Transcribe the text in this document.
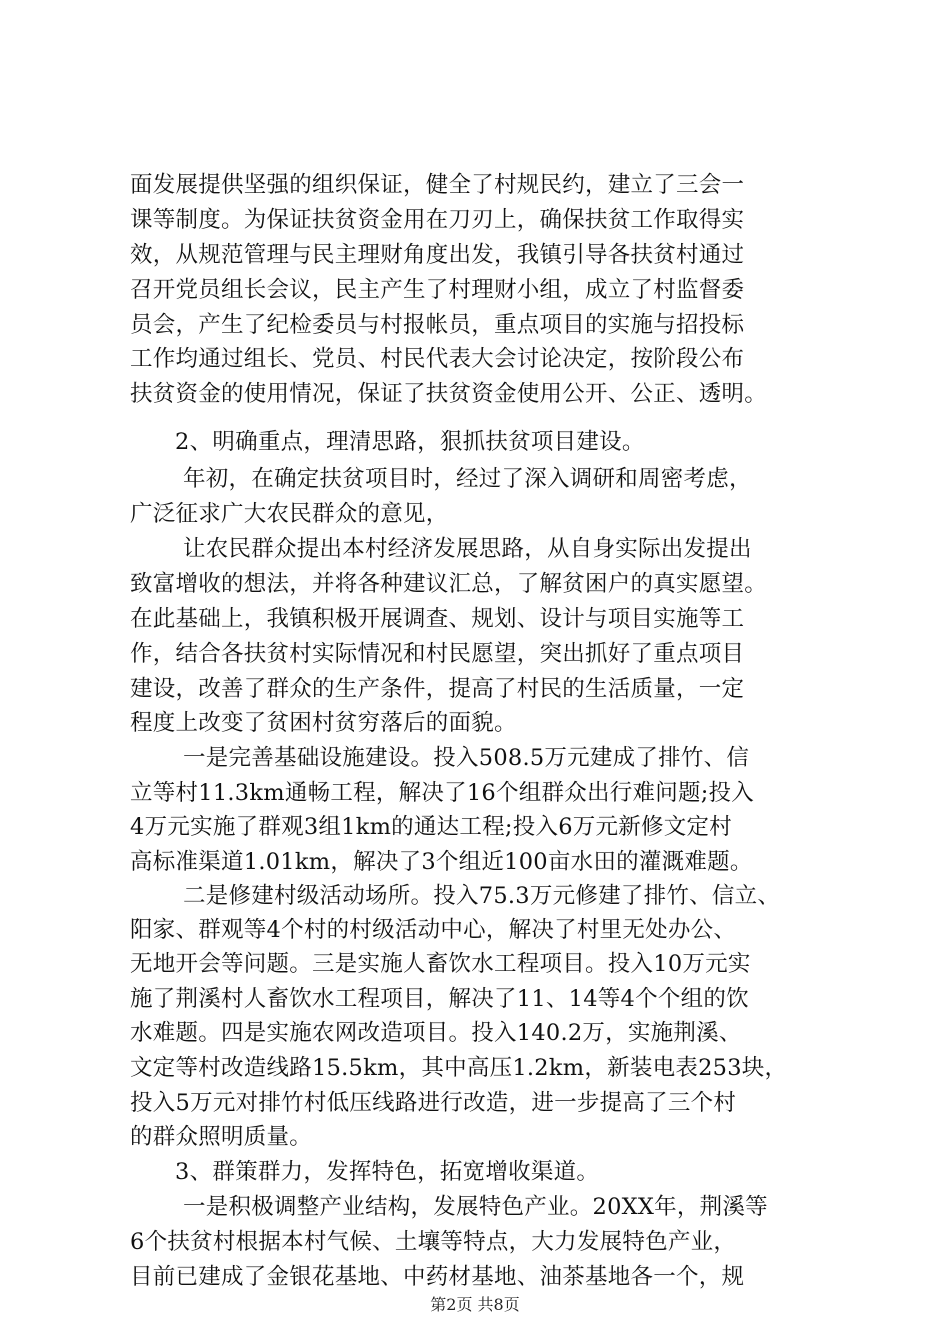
面发展提供坚强的组织保证，健全了村规民约，建立了三会一
课等制度。为保证扶贫资金用在刀刃上，确保扶贫工作取得实
效，从规范管理与民主理财角度出发，我镇引导各扶贫村通过
召开党员组长会议，民主产生了村理财小组，成立了村监督委
员会，产生了纪检委员与村报帐员，重点项目的实施与招投标
工作均通过组长、党员、村民代表大会讨论决定，按阶段公布
扶贫资金的使用情况，保证了扶贫资金使用公开、公正、透明。
2、明确重点，理清思路，狠抓扶贫项目建设。
年初，在确定扶贫项目时，经过了深入调研和周密考虑，
广泛征求广大农民群众的意见，
让农民群众提出本村经济发展思路，从自身实际出发提出
致富增收的想法，并将各种建议汇总，了解贫困户的真实愿望。
在此基础上，我镇积极开展调查、规划、设计与项目实施等工
作，结合各扶贫村实际情况和村民愿望，突出抓好了重点项目
建设，改善了群众的生产条件，提高了村民的生活质量，一定
程度上改变了贫困村贫穷落后的面貌。
一是完善基础设施建设。投入508.5万元建成了排竹、信
立等村11.3km通畅工程，解决了16个组群众出行难问题;投入
4万元实施了群观3组1km的通达工程;投入6万元新修文定村
高标准渠道1.01km，解决了3个组近100亩水田的灌溉难题。
二是修建村级活动场所。投入75.3万元修建了排竹、信立、
阳家、群观等4个村的村级活动中心，解决了村里无处办公、
无地开会等问题。三是实施人畜饮水工程项目。投入10万元实
施了荆溪村人畜饮水工程项目，解决了11、14等4个个组的饮
水难题。四是实施农网改造项目。投入140.2万，实施荆溪、
文定等村改造线路15.5km，其中高压1.2km，新装电表253块，
投入5万元对排竹村低压线路进行改造，进一步提高了三个村
的群众照明质量。
3、群策群力，发挥特色，拓宽增收渠道。
一是积极调整产业结构，发展特色产业。20XX年，荆溪等
6个扶贫村根据本村气候、土壤等特点，大力发展特色产业，
目前已建成了金银花基地、中药材基地、油茶基地各一个，规
第2页 共8页
